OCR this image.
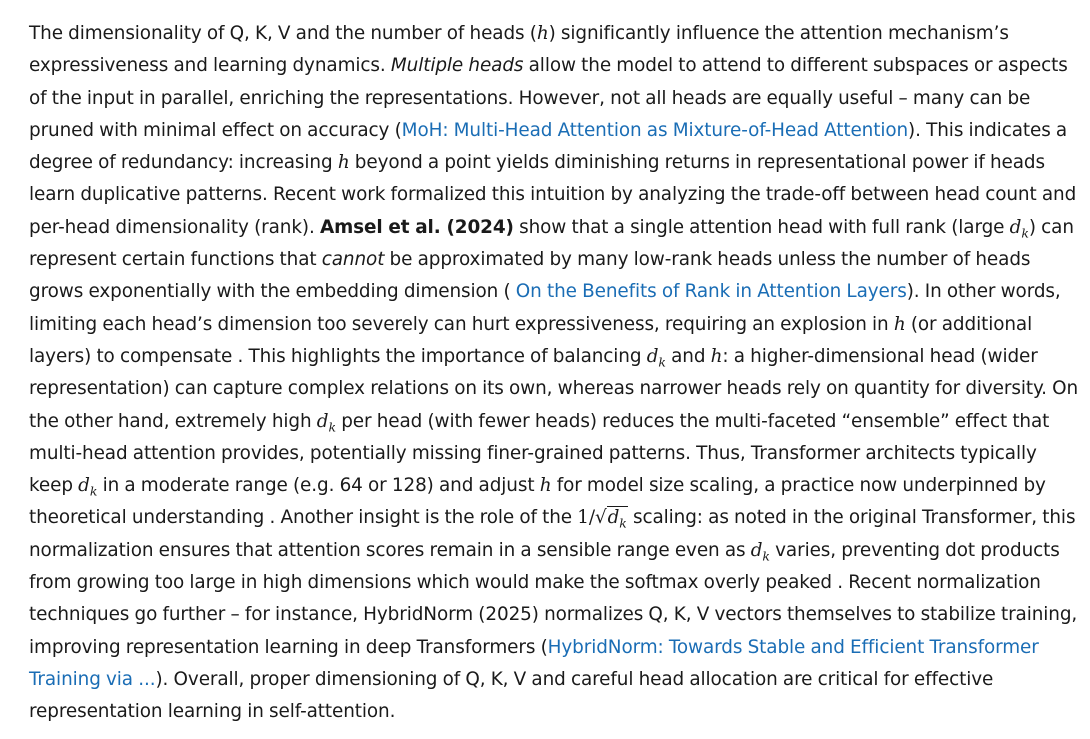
The dimensionality of Q, K, V and the number of heads (h) significantly influence the attention mechanism’s expressiveness and learning dynamics. Multiple heads allow the model to attend to different subspaces or aspects of the input in parallel, enriching the representations. However, not all heads are equally useful – many can be pruned with minimal effect on accuracy (MoH: Multi-Head Attention as Mixture-of-Head Attention). This indicates a degree of redundancy: increasing h beyond a point yields diminishing returns in representational power if heads learn duplicative patterns. Recent work formalized this intuition by analyzing the trade-off between head count and per-head dimensionality (rank). Amsel et al. (2024) show that a single attention head with full rank (large $d_k$) can represent certain functions that cannot be approximated by many low-rank heads unless the number of heads grows exponentially with the embedding dimension ( On the Benefits of Rank in Attention Layers). In other words, limiting each head’s dimension too severely can hurt expressiveness, requiring an explosion in h (or additional layers) to compensate . This highlights the importance of balancing $d_k$ and h: a higher-dimensional head (wider representation) can capture complex relations on its own, whereas narrower heads rely on quantity for diversity. On the other hand, extremely high $d_k$ per head (with fewer heads) reduces the multi-faceted “ensemble” effect that multi-head attention provides, potentially missing finer-grained patterns. Thus, Transformer architects typically keep $d_k$ in a moderate range (e.g. 64 or 128) and adjust h for model size scaling, a practice now underpinned by theoretical understanding . Another insight is the role of the $1/√d_k$ scaling: as noted in the original Transformer, this normalization ensures that attention scores remain in a sensible range even as $d_k$ varies, preventing dot products from growing too large in high dimensions which would make the softmax overly peaked . Recent normalization techniques go further – for instance, HybridNorm (2025) normalizes Q, K, V vectors themselves to stabilize training, improving representation learning in deep Transformers (HybridNorm: Towards Stable and Efficient Transformer Training via ...). Overall, proper dimensioning of Q, K, V and careful head allocation are critical for effective representation learning in self-attention.
